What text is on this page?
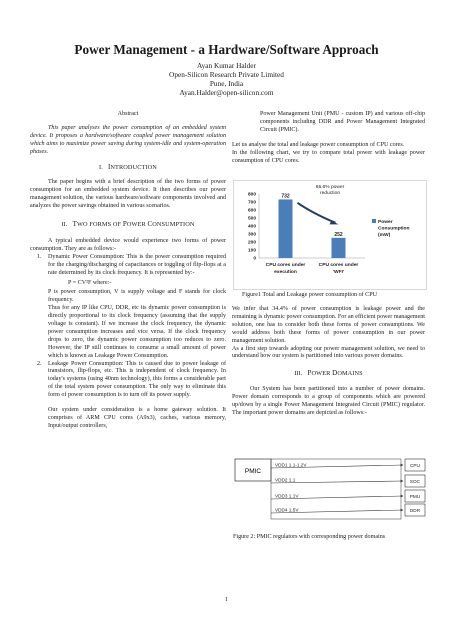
Power Management - a Hardware/Software Approach
Ayan Kumar Halder
Open-Silicon Research Private Limited
Pune, India
Ayan.Halder@open-silicon.com
Abstract

This paper analyses the power consumption of an embedded system device. It proposes a hardware/software coupled power management solution which aims to maximize power saving during system-idle and system-operation phases.

I. INTRODUCTION

The paper begins with a brief description of the two forms of power consumption for an embedded system device. It then describes our power management solution, the various hardware/software components involved and analyzes the power savings obtained in various scenarios.

II. TWO FORMS OF POWER CONSUMPTION

A typical embedded device would experience two forms of power consumption. They are as follows:-

1. Dynamic Power Consumption: This is the power consumption required for the charging/discharging of capacitances or toggling of flip-flops at a rate determined by its clock frequency. It is represented by:-

P = CV²F where:-

P is power consumption, V is supply voltage and F stands for clock frequency.

Thus for any IP like CPU, DDR, etc its dynamic power consumption is directly proportional to its clock frequency (assuming that the supply voltage is constant). If we increase the clock frequency, the dynamic power consumption increases and vice versa. If the clock frequency drops to zero, the dynamic power consumption too reduces to zero. However, the IP still continues to consume a small amount of power which is known as Leakage Power Consumption.

2. Leakage Power Consumption: This is caused due to power leakage of transistors, flip-flops, etc. This is independent of clock frequency. In today's systems (using 40nm technology), this forms a considerable part of the total system power consumption. The only way to eliminate this form of power consumption is to turn off its power supply.

Our system under consideration is a home gateway solution. It comprises of ARM CPU cores (A9x3), caches, various memory, Input/output controllers,

Power Management Unit (PMU - custom IP) and various off-chip components including DDR and Power Management Integrated Circuit (PMIC).

Let us analyse the total and leakage power consumption of CPU cores.

In the following chart, we try to compare total power with leakage power consumption of CPU cores.

0
100
200
300
400
500
600
700
800	732
CPU cores under
execution
252
CPU cores under
'WFI'
65.6% power
reduction
Power
Consumption
(mW)
Figure1 Total and Leakage power consumption of CPU

We infer that 34.4% of power consumption is leakage power and the remaining is dynamic power consumption. For an efficient power management solution, one has to consider both these forms of power consumptions. We would address both these forms of power consumption in our power management solution.

As a first step towards adopting our power management solution, we need to understand how our system is partitioned into various power domains.

III. POWER DOMAINS

Our System has been partitioned into a number of power domains. Power domain corresponds to a group of components which are powered up/down by a single Power Management Integrated Circuit (PMIC) regulator. The important power domains are depicted as follows:-

PMIC
VDD1 1.1-1.2V
VDD2 1.1
VDD3 1.1V
VDD4 1.5V
CPU
SOC
PMU
DDR
Figure 2: PMIC regulators with corresponding power domains
1
